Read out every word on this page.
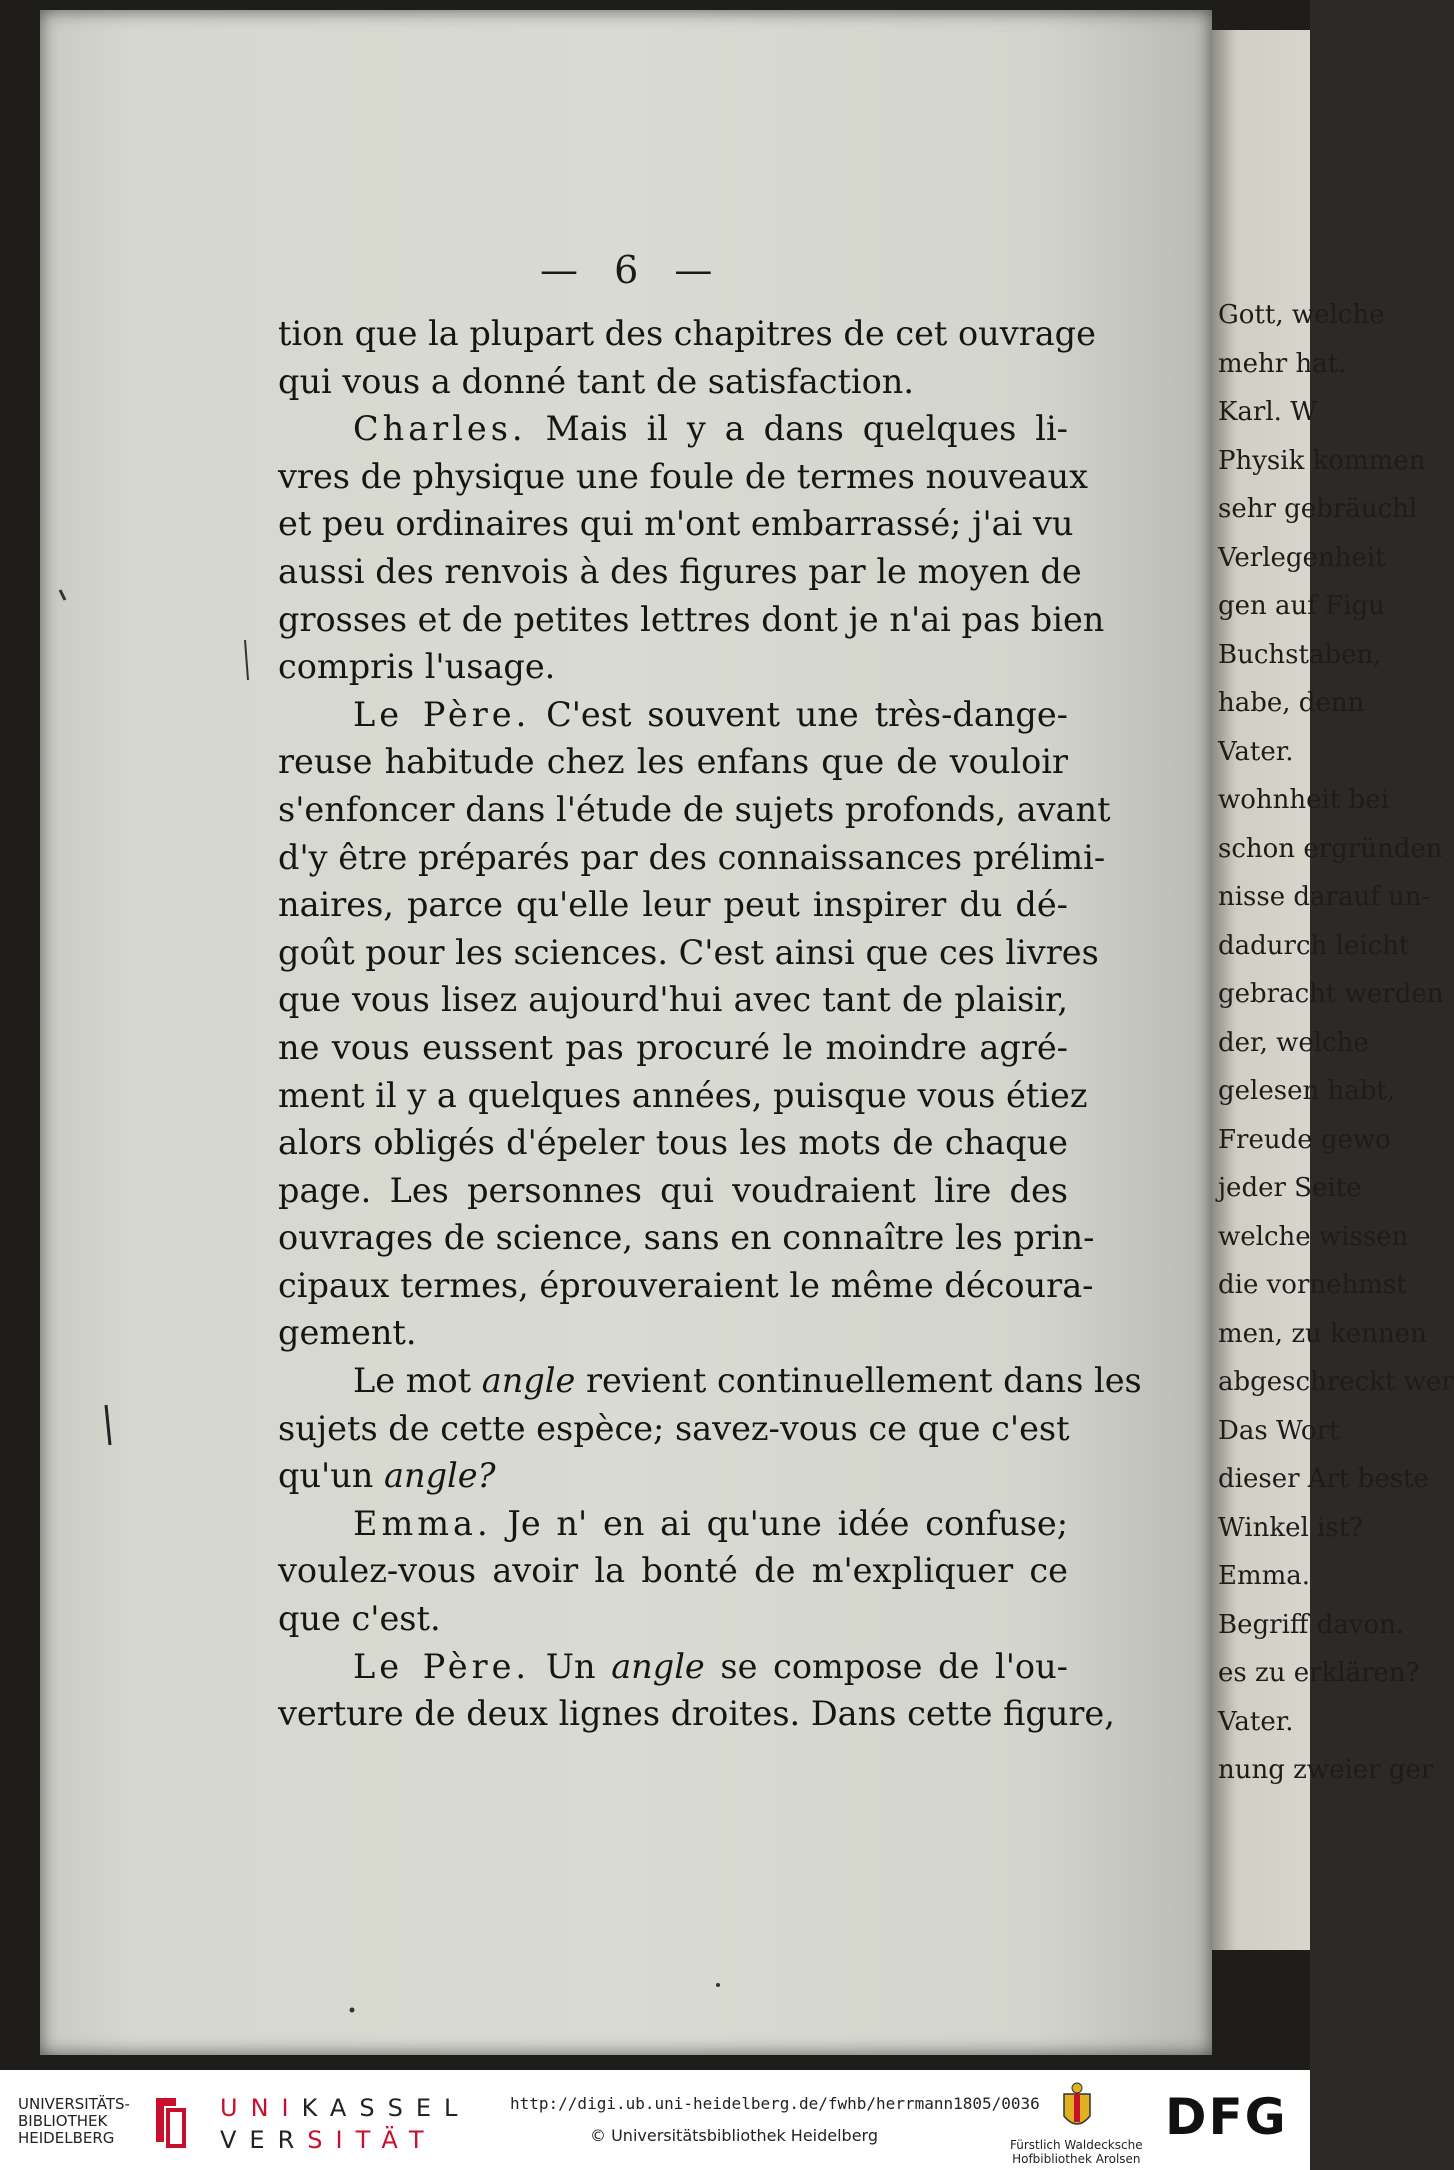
Gott, welche
mehr hat.
Karl. W
Physik kommen
sehr gebräuchl
Verlegenheit
gen auf Figu
Buchstaben,
habe, denn
Vater.
wohnheit bei
schon ergründen
nisse darauf un-
dadurch leicht
gebracht werden
der, welche
gelesen habt,
Freude gewo
jeder Seite
welche wissen
die vornehmst
men, zu kennen
abgeschreckt wer
Das Wort
dieser Art beste
Winkel ist?
Emma.
Begriff davon.
es zu erklären?
Vater.
nung zweier ger
— 6 —
tion que la plupart des chapitres de cet ouvrage
qui vous a donné tant de satisfaction.
Charles. Mais il y a dans quelques li-
vres de physique une foule de termes nouveaux
et peu ordinaires qui m'ont embarrassé; j'ai vu
aussi des renvois à des figures par le moyen de
grosses et de petites lettres dont je n'ai pas bien
compris l'usage.
Le Père. C'est souvent une très-dange-
reuse habitude chez les enfans que de vouloir
s'enfoncer dans l'étude de sujets profonds, avant
d'y être préparés par des connaissances prélimi-
naires, parce qu'elle leur peut inspirer du dé-
goût pour les sciences. C'est ainsi que ces livres
que vous lisez aujourd'hui avec tant de plaisir,
ne vous eussent pas procuré le moindre agré-
ment il y a quelques années, puisque vous étiez
alors obligés d'épeler tous les mots de chaque
page. Les personnes qui voudraient lire des
ouvrages de science, sans en connaître les prin-
cipaux termes, éprouveraient le même découra-
gement.
Le mot angle revient continuellement dans les
sujets de cette espèce; savez-vous ce que c'est
qu'un angle?
Emma. Je n' en ai qu'une idée confuse;
voulez-vous avoir la bonté de m'expliquer ce
que c'est.
Le Père. Un angle se compose de l'ou-
verture de deux lignes droites. Dans cette figure,
UNIVERSITÄTS-
BIBLIOTHEK
HEIDELBERG
UNIKASSEL
VERSITÄT
http://digi.ub.uni-heidelberg.de/fwhb/herrmann1805/0036
© Universitätsbibliothek Heidelberg	Fürstlich Waldecksche
Hofbibliothek Arolsen
DFG
